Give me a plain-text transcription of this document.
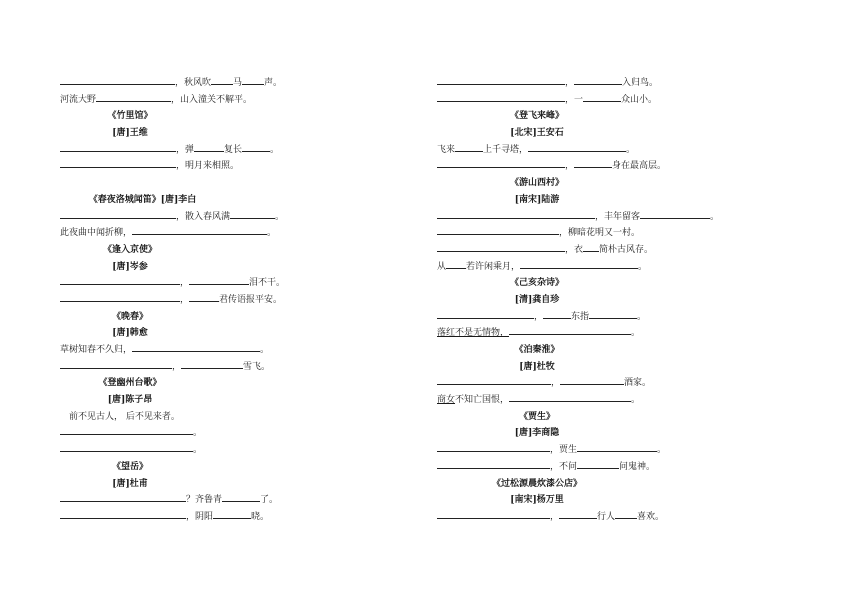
，秋风吹 马 声。
河流大野	，山入潼关不解平。
《竹里馆》
[唐]王维
，弹	复长	。
，明月来相照。
《春夜洛城闻笛》[唐]李白
，散入春风满	。
此夜曲中闻折柳，	。
《逢入京使》
[唐]岑参
，	泪不干。
，	君传语报平安。
《晚春》
[唐]韩愈
草树知春不久归，	。
，	雪飞。
《登幽州台歌》
[唐]陈子昂
前不见古人， 后不见来者。
。
。
《望岳》
[唐]杜甫
？齐鲁青	了。
，阴阳	晓。
，	入归鸟。
，一	众山小。
《登飞来峰》
[北宋]王安石
飞来	上千寻塔，	。
，	身在最高层。
《游山西村》
[南宋]陆游
，丰年留客	。
，柳暗花明又一村。
，衣 简朴古风存。
从 若许闲乘月，	。
《己亥杂诗》
[清]龚自珍
，	东指	。
落红不是无情物，	。
《泊秦淮》
[唐]杜牧
，	酒家。
商女不知亡国恨，	。
《贾生》
[唐]李商隐
，贾生	。
，不问	问鬼神。
《过松源晨炊漆公店》
[南宋]杨万里
，	行人 喜欢。
